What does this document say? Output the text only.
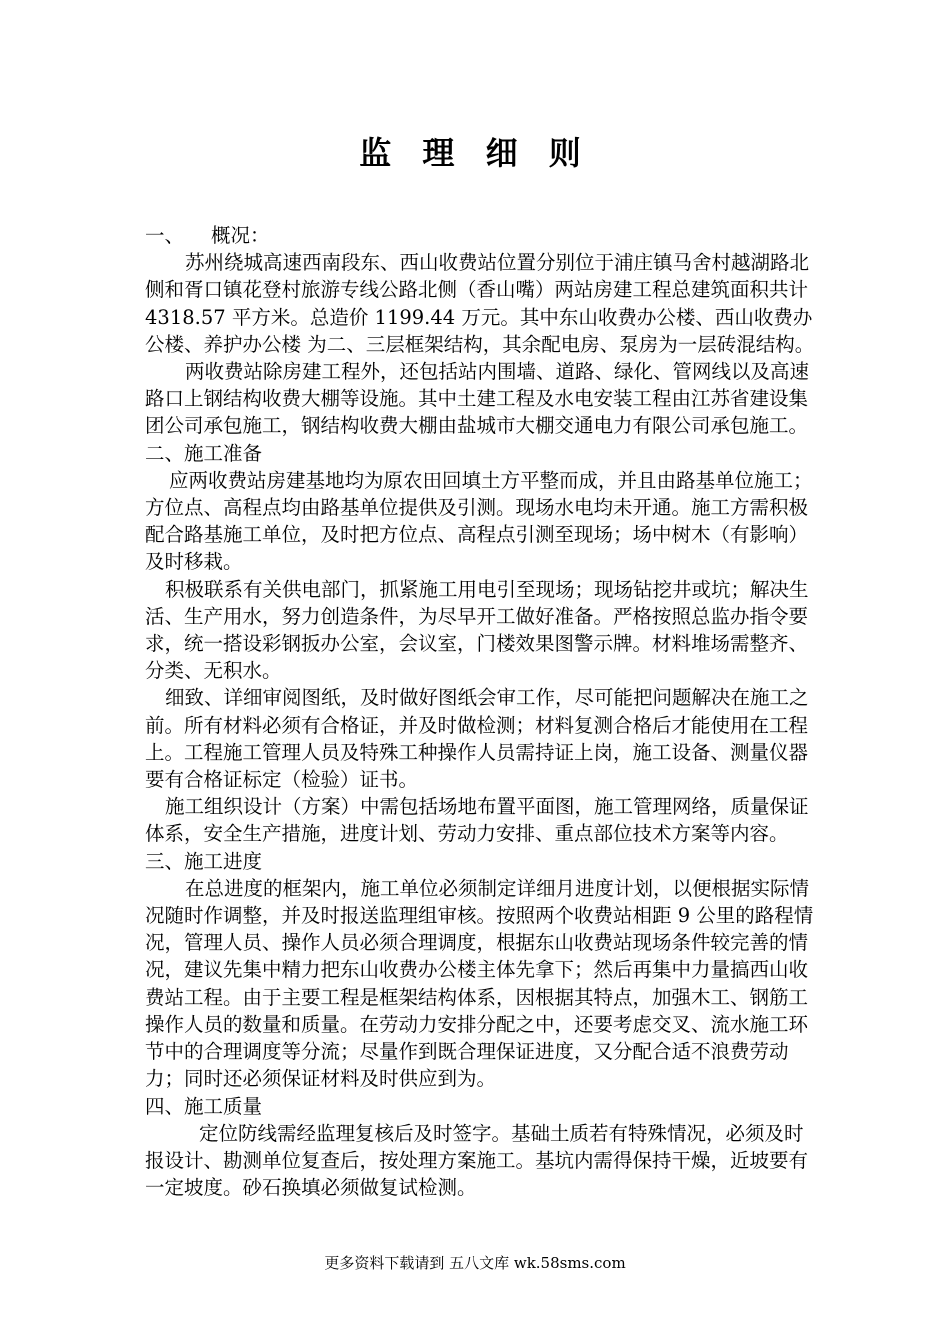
监 理 细 则

一、 概况：

苏州绕城高速西南段东、西山收费站位置分别位于浦庄镇马舍村越湖路北侧和胥口镇花登村旅游专线公路北侧（香山嘴）两站房建工程总建筑面积共计 4318.57 平方米。总造价 1199.44 万元。其中东山收费办公楼、西山收费办公楼、养护办公楼 为二、三层框架结构，其余配电房、泵房为一层砖混结构。

两收费站除房建工程外，还包括站内围墙、道路、绿化、管网线以及高速路口上钢结构收费大棚等设施。其中土建工程及水电安装工程由江苏省建设集团公司承包施工，钢结构收费大棚由盐城市大棚交通电力有限公司承包施工。

二、施工准备

应两收费站房建基地均为原农田回填土方平整而成，并且由路基单位施工；方位点、高程点均由路基单位提供及引测。现场水电均未开通。施工方需积极配合路基施工单位，及时把方位点、高程点引测至现场；场中树木（有影响）及时移栽。

积极联系有关供电部门，抓紧施工用电引至现场；现场钻挖井或坑；解决生活、生产用水，努力创造条件，为尽早开工做好准备。严格按照总监办指令要求，统一搭设彩钢扳办公室，会议室，门楼效果图警示牌。材料堆场需整齐、分类、无积水。

细致、详细审阅图纸，及时做好图纸会审工作，尽可能把问题解决在施工之前。所有材料必须有合格证，并及时做检测；材料复测合格后才能使用在工程上。工程施工管理人员及特殊工种操作人员需持证上岗，施工设备、测量仪器要有合格证标定（检验）证书。

施工组织设计（方案）中需包括场地布置平面图，施工管理网络，质量保证体系，安全生产措施，进度计划、劳动力安排、重点部位技术方案等内容。

三、施工进度

在总进度的框架内，施工单位必须制定详细月进度计划，以便根据实际情况随时作调整，并及时报送监理组审核。按照两个收费站相距 9 公里的路程情况，管理人员、操作人员必须合理调度，根据东山收费站现场条件较完善的情况，建议先集中精力把东山收费办公楼主体先拿下；然后再集中力量搞西山收费站工程。由于主要工程是框架结构体系，因根据其特点，加强木工、钢筋工操作人员的数量和质量。在劳动力安排分配之中，还要考虑交叉、流水施工环节中的合理调度等分流；尽量作到既合理保证进度，又分配合适不浪费劳动力；同时还必须保证材料及时供应到为。

四、施工质量

定位防线需经监理复核后及时签字。基础土质若有特殊情况，必须及时报设计、勘测单位复查后，按处理方案施工。基坑内需得保持干燥，近坡要有一定坡度。砂石换填必须做复试检测。

更多资料下载请到 五八文库 wk.58sms.com
